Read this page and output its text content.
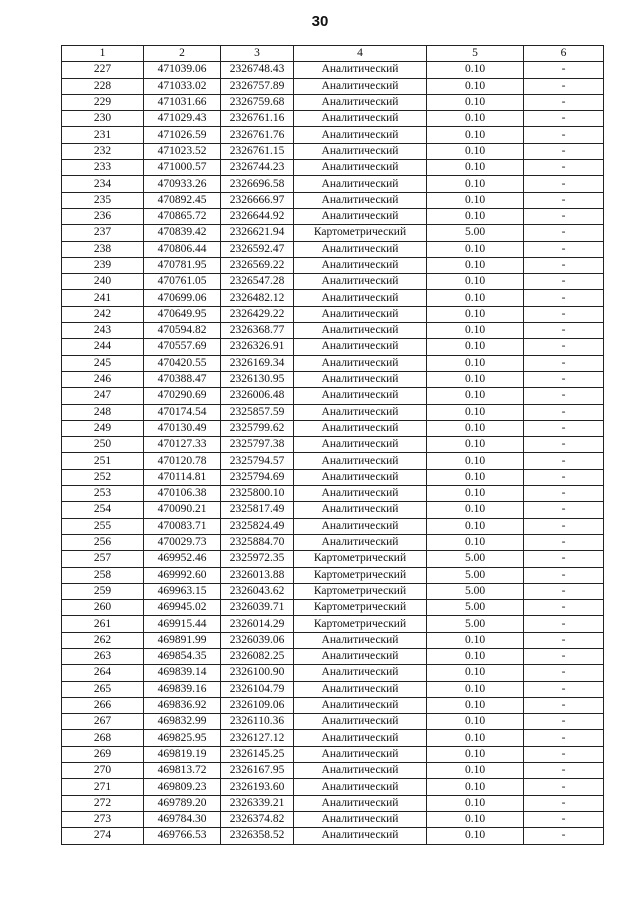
30
1	2	3	4	5	6
227	471039.06	2326748.43	Аналитический	0.10	-
228	471033.02	2326757.89	Аналитический	0.10	-
229	471031.66	2326759.68	Аналитический	0.10	-
230	471029.43	2326761.16	Аналитический	0.10	-
231	471026.59	2326761.76	Аналитический	0.10	-
232	471023.52	2326761.15	Аналитический	0.10	-
233	471000.57	2326744.23	Аналитический	0.10	-
234	470933.26	2326696.58	Аналитический	0.10	-
235	470892.45	2326666.97	Аналитический	0.10	-
236	470865.72	2326644.92	Аналитический	0.10	-
237	470839.42	2326621.94	Картометрический	5.00	-
238	470806.44	2326592.47	Аналитический	0.10	-
239	470781.95	2326569.22	Аналитический	0.10	-
240	470761.05	2326547.28	Аналитический	0.10	-
241	470699.06	2326482.12	Аналитический	0.10	-
242	470649.95	2326429.22	Аналитический	0.10	-
243	470594.82	2326368.77	Аналитический	0.10	-
244	470557.69	2326326.91	Аналитический	0.10	-
245	470420.55	2326169.34	Аналитический	0.10	-
246	470388.47	2326130.95	Аналитический	0.10	-
247	470290.69	2326006.48	Аналитический	0.10	-
248	470174.54	2325857.59	Аналитический	0.10	-
249	470130.49	2325799.62	Аналитический	0.10	-
250	470127.33	2325797.38	Аналитический	0.10	-
251	470120.78	2325794.57	Аналитический	0.10	-
252	470114.81	2325794.69	Аналитический	0.10	-
253	470106.38	2325800.10	Аналитический	0.10	-
254	470090.21	2325817.49	Аналитический	0.10	-
255	470083.71	2325824.49	Аналитический	0.10	-
256	470029.73	2325884.70	Аналитический	0.10	-
257	469952.46	2325972.35	Картометрический	5.00	-
258	469992.60	2326013.88	Картометрический	5.00	-
259	469963.15	2326043.62	Картометрический	5.00	-
260	469945.02	2326039.71	Картометрический	5.00	-
261	469915.44	2326014.29	Картометрический	5.00	-
262	469891.99	2326039.06	Аналитический	0.10	-
263	469854.35	2326082.25	Аналитический	0.10	-
264	469839.14	2326100.90	Аналитический	0.10	-
265	469839.16	2326104.79	Аналитический	0.10	-
266	469836.92	2326109.06	Аналитический	0.10	-
267	469832.99	2326110.36	Аналитический	0.10	-
268	469825.95	2326127.12	Аналитический	0.10	-
269	469819.19	2326145.25	Аналитический	0.10	-
270	469813.72	2326167.95	Аналитический	0.10	-
271	469809.23	2326193.60	Аналитический	0.10	-
272	469789.20	2326339.21	Аналитический	0.10	-
273	469784.30	2326374.82	Аналитический	0.10	-
274	469766.53	2326358.52	Аналитический	0.10	-
